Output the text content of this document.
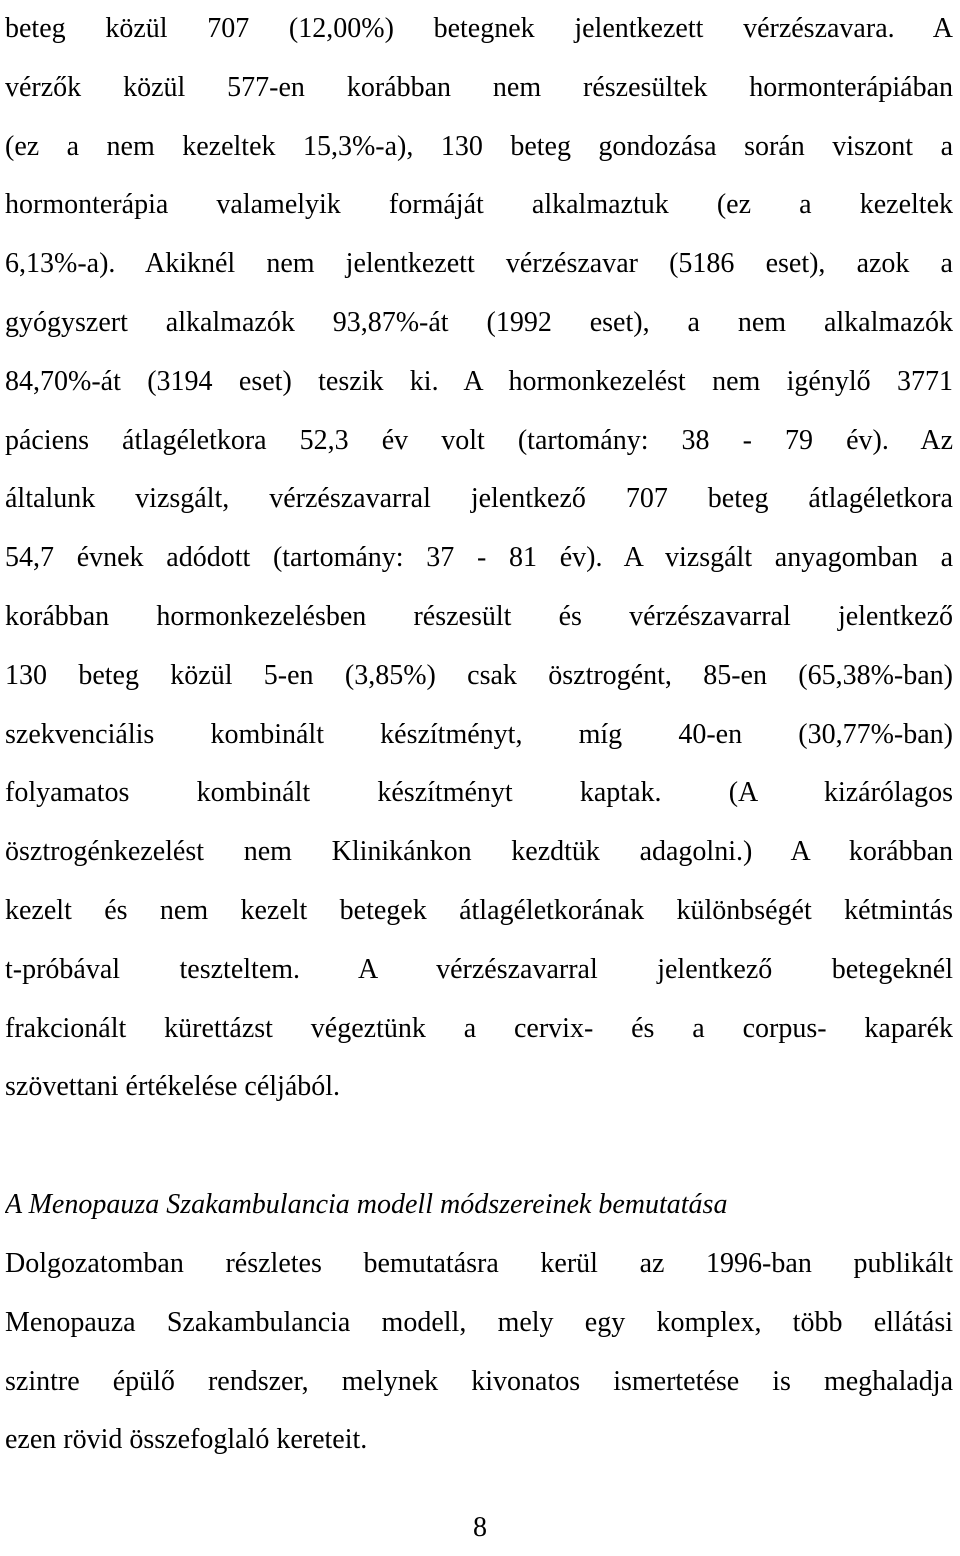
beteg közül 707 (12,00%) betegnek jelentkezett vérzészavara. A
vérzők közül 577-en korábban nem részesültek hormonterápiában
(ez a nem kezeltek 15,3%-a), 130 beteg gondozása során viszont a
hormonterápia valamelyik formáját alkalmaztuk (ez a kezeltek
6,13%-a). Akiknél nem jelentkezett vérzészavar (5186 eset), azok a
gyógyszert alkalmazók 93,87%-át (1992 eset), a nem alkalmazók
84,70%-át (3194 eset) teszik ki. A hormonkezelést nem igénylő 3771
páciens átlagéletkora 52,3 év volt (tartomány: 38 - 79 év). Az
általunk vizsgált, vérzészavarral jelentkező 707 beteg átlagéletkora
54,7 évnek adódott (tartomány: 37 - 81 év). A vizsgált anyagomban a
korábban hormonkezelésben részesült és vérzészavarral jelentkező
130 beteg közül 5-en (3,85%) csak ösztrogént, 85-en (65,38%-ban)
szekvenciális kombinált készítményt, míg 40-en (30,77%-ban)
folyamatos kombinált készítményt kaptak. (A kizárólagos
ösztrogénkezelést nem Klinikánkon kezdtük adagolni.) A korábban
kezelt és nem kezelt betegek átlagéletkorának különbségét kétmintás
t-próbával teszteltem. A vérzészavarral jelentkező betegeknél
frakcionált kürettázst végeztünk a cervix- és a corpus- kaparék
szövettani értékelése céljából.
A Menopauza Szakambulancia modell módszereinek bemutatása
Dolgozatomban részletes bemutatásra kerül az 1996-ban publikált
Menopauza Szakambulancia modell, mely egy komplex, több ellátási
szintre épülő rendszer, melynek kivonatos ismertetése is meghaladja
ezen rövid összefoglaló kereteit.
8
